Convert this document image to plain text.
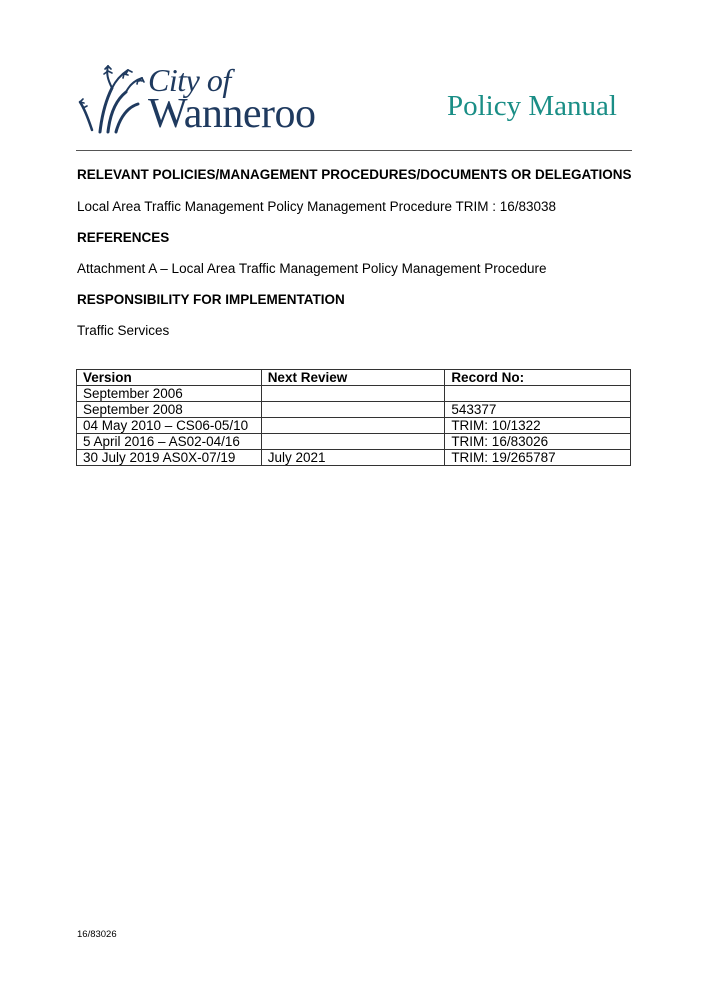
City of
Wanneroo	Policy Manual

RELEVANT POLICIES/MANAGEMENT PROCEDURES/DOCUMENTS OR DELEGATIONS

Local Area Traffic Management Policy Management Procedure TRIM : 16/83038

REFERENCES

Attachment A – Local Area Traffic Management Policy Management Procedure

RESPONSIBILITY FOR IMPLEMENTATION

Traffic Services

Version	Next Review	Record No:
September 2006		
September 2008		543377
04 May 2010 – CS06-05/10		TRIM: 10/1322
5 April 2016 – AS02-04/16		TRIM: 16/83026
30 July 2019 AS0X-07/19	July 2021	TRIM: 19/265787
16/83026
